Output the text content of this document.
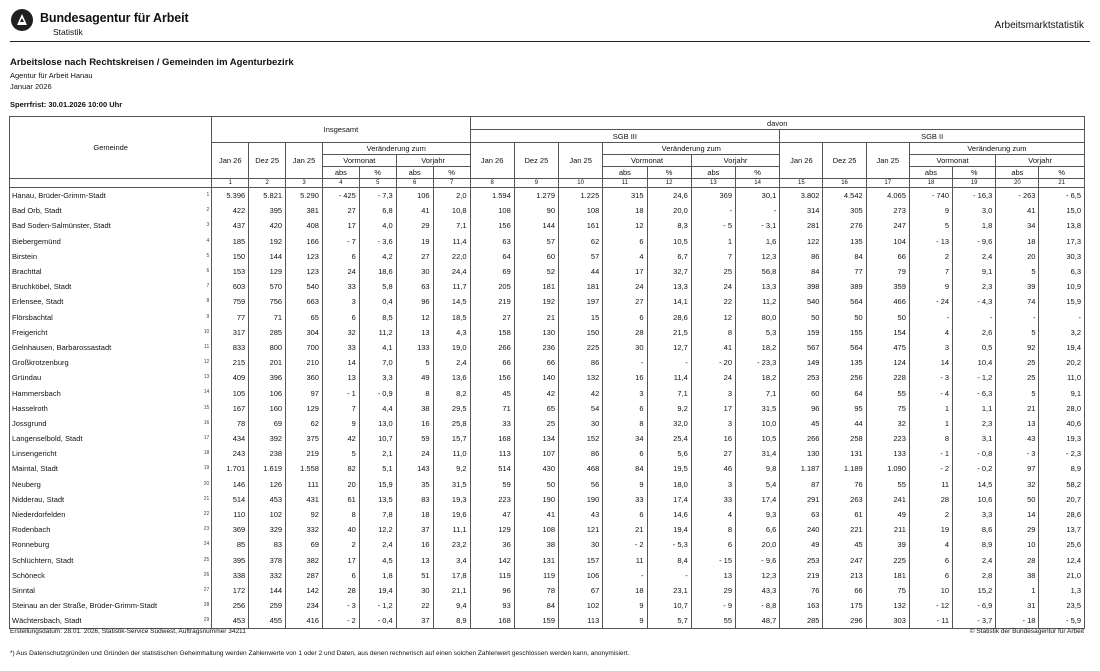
Bundesagentur für Arbeit
Statistik
Arbeitsmarktstatistik
Arbeitslose nach Rechtskreisen / Gemeinden im Agenturbezirk
Agentur für Arbeit Hanau
Januar 2026
Sperrfrist: 30.01.2026 10:00 Uhr
Gemeinde	Insgesamt							davon													
								SGB III							SGB II						
	Jan 26	Dez 25	Jan 25	Veränderung zum				Jan 26	Dez 25	Jan 25	Veränderung zum				Jan 26	Dez 25	Jan 25	Veränderung zum			
				Vormonat		Vorjahr					Vormonat		Vorjahr					Vormonat		Vorjahr	
				abs	%	abs	%				abs	%	abs	%				abs	%	abs	%
	1	2	3	4	5	6	7	8	9	10	11	12	13	14	15	16	17	18	19	20	21
Hanau, Brüder-Grimm-Stadt 1	5.396	5.821	5.290	- 425	- 7,3	106	2,0	1.594	1.279	1.225	315	24,6	369	30,1	3.802	4.542	4.065	- 740	- 16,3	- 263	- 6,5
Bad Orb, Stadt 2	422	395	381	27	6,8	41	10,8	108	90	108	18	20,0	-	-	314	305	273	9	3,0	41	15,0
Bad Soden-Salmünster, Stadt 3	437	420	408	17	4,0	29	7,1	156	144	161	12	8,3	- 5	- 3,1	281	276	247	5	1,8	34	13,8
Biebergemünd 4	185	192	166	- 7	- 3,6	19	11,4	63	57	62	6	10,5	1	1,6	122	135	104	- 13	- 9,6	18	17,3
Birstein 5	150	144	123	6	4,2	27	22,0	64	60	57	4	6,7	7	12,3	86	84	66	2	2,4	20	30,3
Brachttal 6	153	129	123	24	18,6	30	24,4	69	52	44	17	32,7	25	56,8	84	77	79	7	9,1	5	6,3
Bruchköbel, Stadt 7	603	570	540	33	5,8	63	11,7	205	181	181	24	13,3	24	13,3	398	389	359	9	2,3	39	10,9
Erlensee, Stadt 8	759	756	663	3	0,4	96	14,5	219	192	197	27	14,1	22	11,2	540	564	466	- 24	- 4,3	74	15,9
Flörsbachtal 9	77	71	65	6	8,5	12	18,5	27	21	15	6	28,6	12	80,0	50	50	50	-	-	-	-
Freigericht 10	317	285	304	32	11,2	13	4,3	158	130	150	28	21,5	8	5,3	159	155	154	4	2,6	5	3,2
Gelnhausen, Barbarossastadt 11	833	800	700	33	4,1	133	19,0	266	236	225	30	12,7	41	18,2	567	564	475	3	0,5	92	19,4
Großkrotzenburg 12	215	201	210	14	7,0	5	2,4	66	66	86	-	-	- 20	- 23,3	149	135	124	14	10,4	25	20,2
Gründau 13	409	396	360	13	3,3	49	13,6	156	140	132	16	11,4	24	18,2	253	256	228	- 3	- 1,2	25	11,0
Hammersbach 14	105	106	97	- 1	- 0,9	8	8,2	45	42	42	3	7,1	3	7,1	60	64	55	- 4	- 6,3	5	9,1
Hasselroth 15	167	160	129	7	4,4	38	29,5	71	65	54	6	9,2	17	31,5	96	95	75	1	1,1	21	28,0
Jossgrund 16	78	69	62	9	13,0	16	25,8	33	25	30	8	32,0	3	10,0	45	44	32	1	2,3	13	40,6
Langenselbold, Stadt 17	434	392	375	42	10,7	59	15,7	168	134	152	34	25,4	16	10,5	266	258	223	8	3,1	43	19,3
Linsengericht 18	243	238	219	5	2,1	24	11,0	113	107	86	6	5,6	27	31,4	130	131	133	- 1	- 0,8	- 3	- 2,3
Maintal, Stadt 19	1.701	1.619	1.558	82	5,1	143	9,2	514	430	468	84	19,5	46	9,8	1.187	1.189	1.090	- 2	- 0,2	97	8,9
Neuberg 20	146	126	111	20	15,9	35	31,5	59	50	56	9	18,0	3	5,4	87	76	55	11	14,5	32	58,2
Nidderau, Stadt 21	514	453	431	61	13,5	83	19,3	223	190	190	33	17,4	33	17,4	291	263	241	28	10,6	50	20,7
Niederdorfelden 22	110	102	92	8	7,8	18	19,6	47	41	43	6	14,6	4	9,3	63	61	49	2	3,3	14	28,6
Rodenbach 23	369	329	332	40	12,2	37	11,1	129	108	121	21	19,4	8	6,6	240	221	211	19	8,6	29	13,7
Ronneburg 24	85	83	69	2	2,4	16	23,2	36	38	30	- 2	- 5,3	6	20,0	49	45	39	4	8,9	10	25,6
Schlüchtern, Stadt 25	395	378	382	17	4,5	13	3,4	142	131	157	11	8,4	- 15	- 9,6	253	247	225	6	2,4	28	12,4
Schöneck 26	338	332	287	6	1,8	51	17,8	119	119	106	-	-	13	12,3	219	213	181	6	2,8	38	21,0
Sinntal 27	172	144	142	28	19,4	30	21,1	96	78	67	18	23,1	29	43,3	76	66	75	10	15,2	1	1,3
Steinau an der Straße, Brüder-Grimm-Stadt 28	256	259	234	- 3	- 1,2	22	9,4	93	84	102	9	10,7	- 9	- 8,8	163	175	132	- 12	- 6,9	31	23,5
Wächtersbach, Stadt 29	453	455	416	- 2	- 0,4	37	8,9	168	159	113	9	5,7	55	48,7	285	296	303	- 11	- 3,7	- 18	- 5,9
Erstellungsdatum: 28.01. 2026, Statistik-Service Südwest, Auftragsnummer 34211	© Statistik der Bundesagentur für Arbeit
*) Aus Datenschutzgründen und Gründen der statistischen Geheimhaltung werden Zahlenwerte von 1 oder 2 und Daten, aus denen rechnerisch auf einen solchen Zahlenwert geschlossen werden kann, anonymisiert.
